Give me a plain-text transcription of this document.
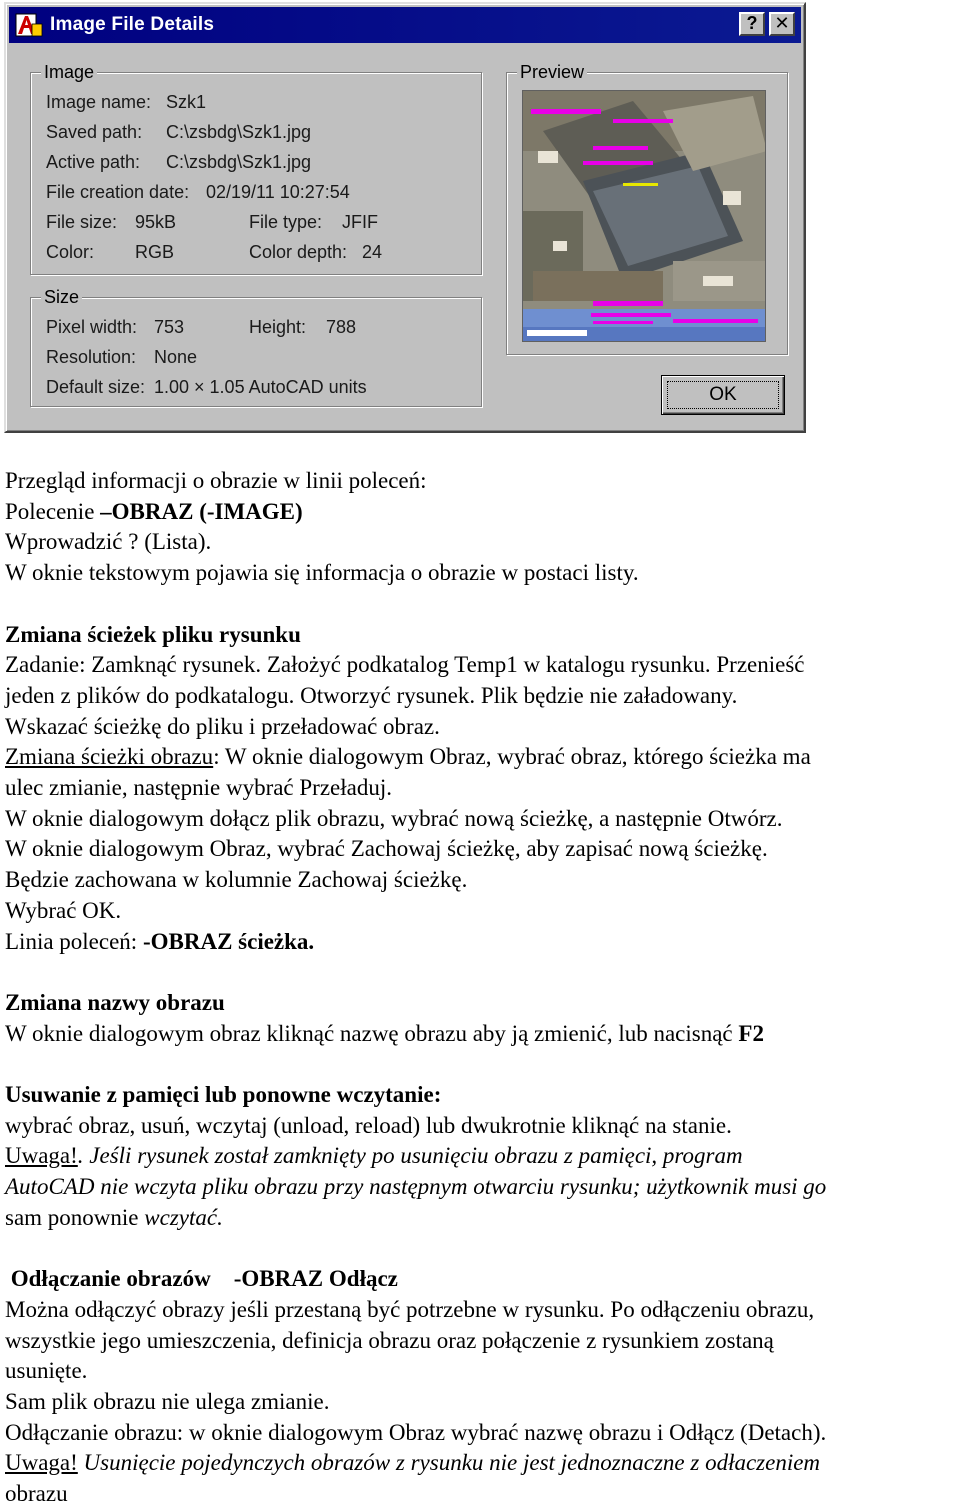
Image File Details	? ✕
Image
Image name: Szk1
Saved path: C:\zsbdg\Szk1.jpg
Active path: C:\zsbdg\Szk1.jpg
File creation date: 02/19/11 10:27:54
File size: 95kB	File type: JFIF
Color: RGB	Color depth: 24
Size
Pixel width: 753	Height: 788
Resolution: None
Default size: 1.00 × 1.05 AutoCAD units
Preview
OK

Przegląd informacji o obrazie w linii poleceń:

Polecenie –OBRAZ (-IMAGE)

Wprowadzić ? (Lista).

W oknie tekstowym pojawia się informacja o obrazie w postaci listy.

Zmiana ścieżek pliku rysunku

Zadanie: Zamknąć rysunek. Założyć podkatalog Temp1 w katalogu rysunku. Przenieść

jeden z plików do podkatalogu. Otworzyć rysunek. Plik będzie nie załadowany.

Wskazać ścieżkę do pliku i przeładować obraz.

Zmiana ścieżki obrazu: W oknie dialogowym Obraz, wybrać obraz, którego ścieżka ma

ulec zmianie, następnie wybrać Przeładuj.

W oknie dialogowym dołącz plik obrazu, wybrać nową ścieżkę, a następnie Otwórz.

W oknie dialogowym Obraz, wybrać Zachowaj ścieżkę, aby zapisać nową ścieżkę.

Będzie zachowana w kolumnie Zachowaj ścieżkę.

Wybrać OK.

Linia poleceń: -OBRAZ ścieżka.

Zmiana nazwy obrazu

W oknie dialogowym obraz kliknąć nazwę obrazu aby ją zmienić, lub nacisnąć F2

Usuwanie z pamięci lub ponowne wczytanie:

wybrać obraz, usuń, wczytaj (unload, reload) lub dwukrotnie kliknąć na stanie.

Uwaga!. Jeśli rysunek został zamknięty po usunięciu obrazu z pamięci, program

AutoCAD nie wczyta pliku obrazu przy następnym otwarciu rysunku; użytkownik musi go

sam ponownie wczytać.

Odłączanie obrazów    -OBRAZ Odłącz

Można odłączyć obrazy jeśli przestaną być potrzebne w rysunku. Po odłączeniu obrazu,

wszystkie jego umieszczenia, definicja obrazu oraz połączenie z rysunkiem zostaną

usunięte.

Sam plik obrazu nie ulega zmianie.

Odłączanie obrazu: w oknie dialogowym Obraz wybrać nazwę obrazu i Odłącz (Detach).

Uwaga! Usunięcie pojedynczych obrazów z rysunku nie jest jednoznaczne z odłaczeniem

obrazu
